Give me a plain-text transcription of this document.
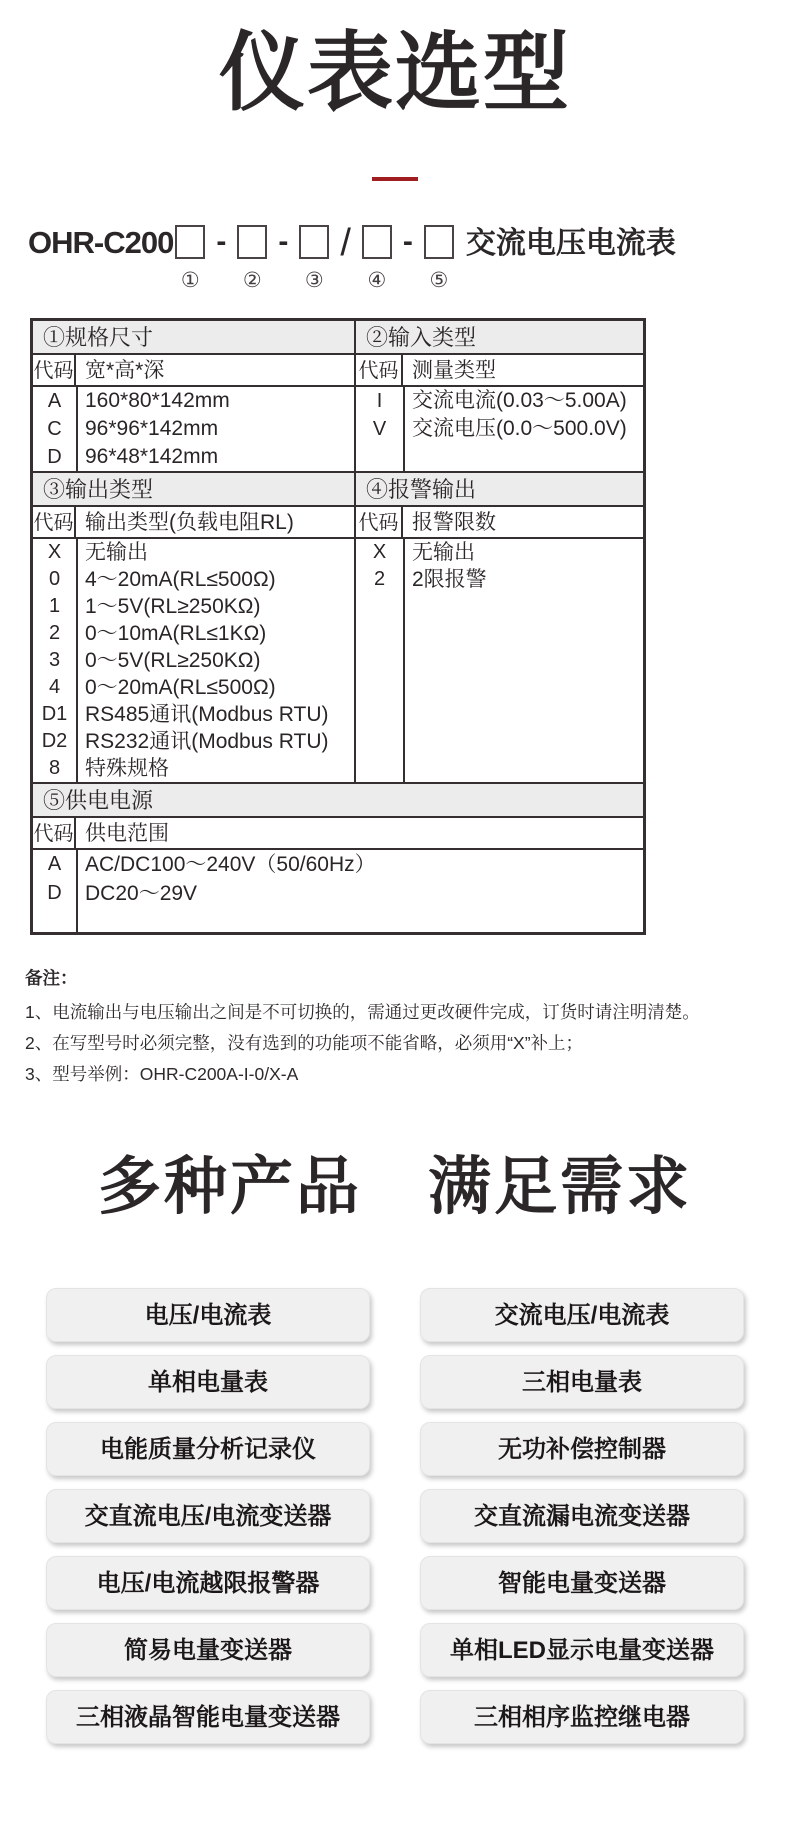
仪表选型
OHR-C200
①
-
②
-
③
/
④
-
⑤
交流电压电流表
①规格尺寸
代码 宽*高*深
A	160*80*142mm
C	96*96*142mm
D	96*48*142mm
②输入类型
代码 测量类型
I	交流电流(0.03～5.00A)
V	交流电压(0.0～500.0V)
③输出类型
代码 输出类型(负载电阻RL)
X	无输出
0	4～20mA(RL≤500Ω)
1	1～5V(RL≥250KΩ)
2	0～10mA(RL≤1KΩ)
3	0～5V(RL≥250KΩ)
4	0～20mA(RL≤500Ω)
D1 RS485通讯(Modbus RTU)
D2 RS232通讯(Modbus RTU)
8	特殊规格
④报警输出
代码 报警限数
X	无输出
2	2限报警
⑤供电电源
代码 供电范围
A	AC/DC100～240V（50/60Hz）
D	DC20～29V
备注：
1、电流输出与电压输出之间是不可切换的，需通过更改硬件完成，订货时请注明清楚。
2、在写型号时必须完整，没有选到的功能项不能省略，必须用“X”补上；
3、型号举例：OHR-C200A-I-0/X-A
多种产品　满足需求
电压/电流表
单相电量表
电能质量分析记录仪
交直流电压/电流变送器
电压/电流越限报警器
简易电量变送器
三相液晶智能电量变送器
交流电压/电流表
三相电量表
无功补偿控制器
交直流漏电流变送器
智能电量变送器
单相LED显示电量变送器
三相相序监控继电器
